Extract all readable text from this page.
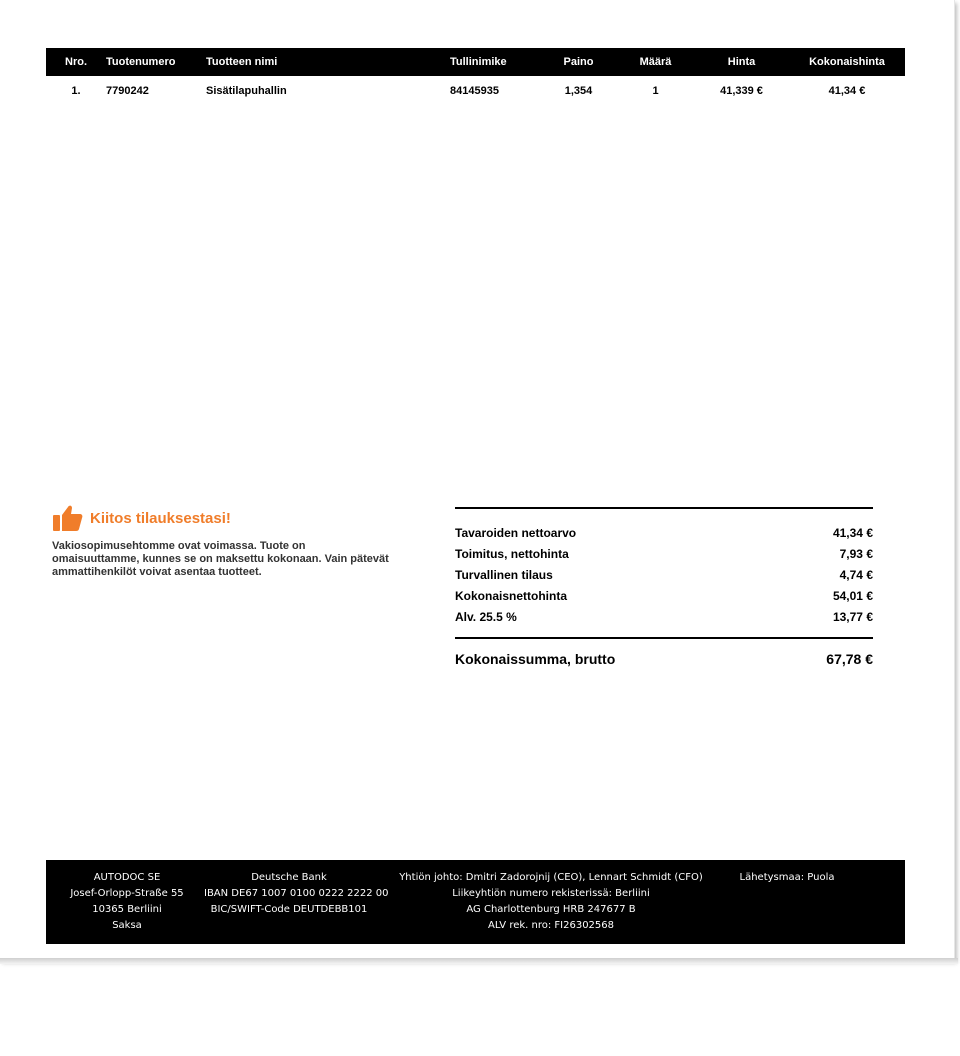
Nro.	Tuotenumero	Tuotteen nimi	Tullinimike	Paino	Määrä	Hinta	Kokonaishinta
1.	7790242	Sisätilapuhallin	84145935	1,354	1	41,339 €	41,34 €
Kiitos tilauksestasi!
Vakiosopimusehtomme ovat voimassa. Tuote on omaisuuttamme, kunnes se on maksettu kokonaan. Vain pätevät ammattihenkilöt voivat asentaa tuotteet.
Tavaroiden nettoarvo	41,34 €
Toimitus, nettohinta	7,93 €
Turvallinen tilaus	4,74 €
Kokonaisnettohinta	54,01 €
Alv. 25.5 %	13,77 €
Kokonaissumma, brutto	67,78 €
AUTODOC SE
Josef-Orlopp-Straße 55
10365 Berliini
Saksa
Deutsche Bank
IBAN DE67 1007 0100 0222 2222 00
BIC/SWIFT-Code DEUTDEBB101
Yhtiön johto: Dmitri Zadorojnij (CEO), Lennart Schmidt (CFO)
Liikeyhtiön numero rekisterissä: Berliini
AG Charlottenburg HRB 247677 B
ALV rek. nro: FI26302568
Lähetysmaa: Puola
